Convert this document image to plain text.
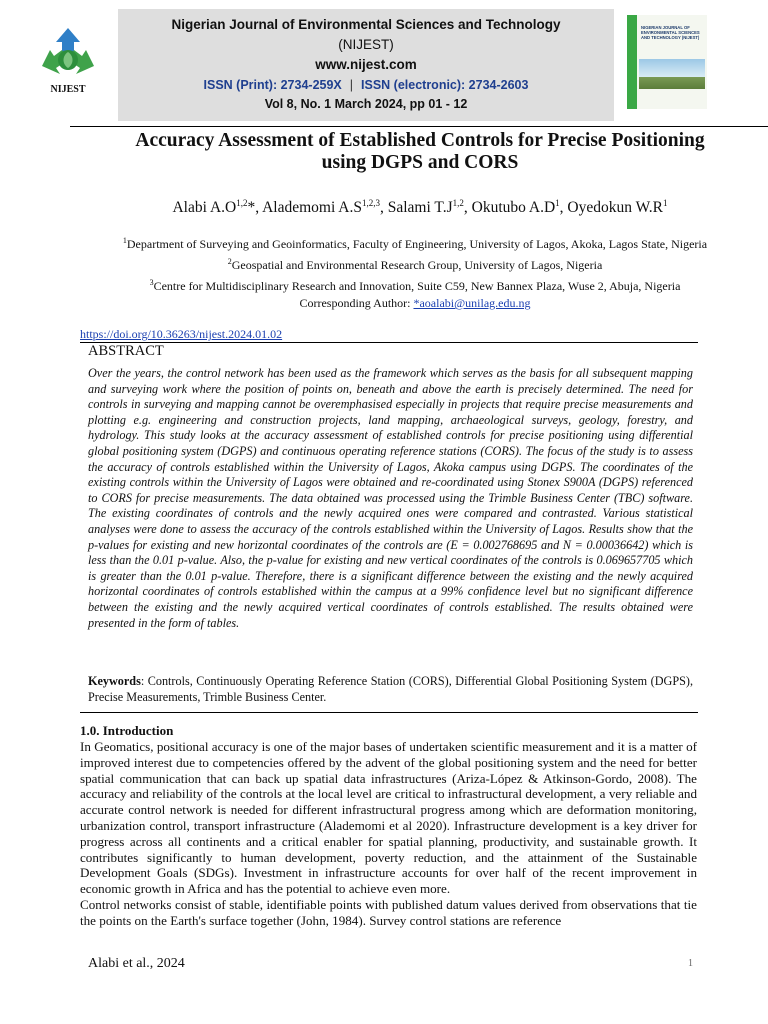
NIJEST
Nigerian Journal of Environmental Sciences and Technology
(NIJEST)
www.nijest.com
ISSN (Print): 2734-259X | ISSN (electronic): 2734-2603
Vol 8, No. 1 March 2024, pp 01 - 12
NIGERIAN JOURNAL OF ENVIRONMENTAL SCIENCES AND TECHNOLOGY (NIJEST)
Accuracy Assessment of Established Controls for Precise Positioning
using DGPS and CORS
Alabi $A.O^{1,2}*$, Alademomi $A.S^{1,2,3}$, Salami $T.J^{1,2}$, Okutubo $A.D^1$, Oyedokun $W.R^1$
$^1$Department of Surveying and Geoinformatics, Faculty of Engineering, University of Lagos, Akoka, Lagos State, Nigeria
$^2$Geospatial and Environmental Research Group, University of Lagos, Nigeria
$^3$Centre for Multidisciplinary Research and Innovation, Suite C59, New Bannex Plaza, Wuse 2, Abuja, Nigeria
Corresponding Author: *aoalabi@unilag.edu.ng
https://doi.org/10.36263/nijest.2024.01.02
ABSTRACT
Over the years, the control network has been used as the framework which serves as the basis for all subsequent mapping and surveying work where the position of points on, beneath and above the earth is precisely determined. The need for controls in surveying and mapping cannot be overemphasised especially in projects that require precise measurements and plotting e.g. engineering and construction projects, land mapping, archaeological surveys, geology, forestry, and hydrology. This study looks at the accuracy assessment of established controls for precise positioning using differential global positioning system (DGPS) and continuous operating reference stations (CORS). The focus of the study is to assess the accuracy of controls established within the University of Lagos, Akoka campus using DGPS. The coordinates of the existing controls within the University of Lagos were obtained and re-coordinated using Stonex S900A (DGPS) referenced to CORS for precise measurements. The data obtained was processed using the Trimble Business Center (TBC) software. The existing coordinates of controls and the newly acquired ones were compared and contrasted. Various statistical analyses were done to assess the accuracy of the controls established within the University of Lagos. Results show that the p-values for existing and new horizontal coordinates of the controls are (E = 0.002768695 and N = 0.00036642) which is less than the 0.01 p-value. Also, the p-value for existing and new vertical coordinates of the controls is 0.069657705 which is greater than the 0.01 p-value. Therefore, there is a significant difference between the existing and the newly acquired horizontal coordinates of controls established within the campus at a 99% confidence level but no significant difference between the existing and the newly acquired vertical coordinates of controls established. The results obtained were presented in the form of tables.
Keywords: Controls, Continuously Operating Reference Station (CORS), Differential Global Positioning System (DGPS), Precise Measurements, Trimble Business Center.
1.0. Introduction

In Geomatics, positional accuracy is one of the major bases of undertaken scientific measurement and it is a matter of improved interest due to competencies offered by the advent of the global positioning system and the need for better spatial communication that can back up spatial data infrastructures (Ariza-López & Atkinson-Gordo, 2008). The accuracy and reliability of the controls at the local level are critical to infrastructural development, a very reliable and accurate control network is needed for different infrastructural progress among which are deformation monitoring, urbanization control, transport infrastructure (Alademomi et al 2020). Infrastructure development is a key driver for progress across all continents and a critical enabler for spatial planning, productivity, and sustainable growth. It contributes significantly to human development, poverty reduction, and the attainment of the Sustainable Development Goals (SDGs). Investment in infrastructure accounts for over half of the recent improvement in economic growth in Africa and has the potential to achieve even more.

Control networks consist of stable, identifiable points with published datum values derived from observations that tie the points on the Earth's surface together (John, 1984). Survey control stations are reference

Alabi et al., 2024	1
